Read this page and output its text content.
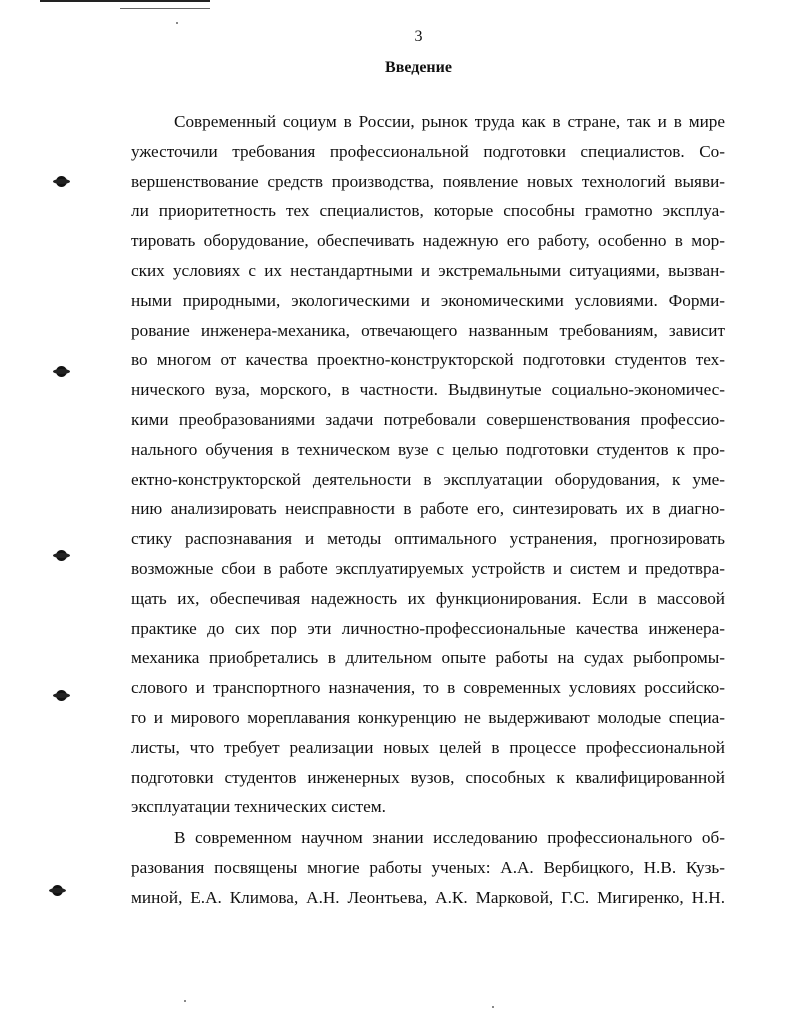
3
Введение
Современный социум в России, рынок труда как в стране, так и в мире
ужесточили требования профессиональной подготовки специалистов. Со-
вершенствование средств производства, появление новых технологий выяви-
ли приоритетность тех специалистов, которые способны грамотно эксплуа-
тировать оборудование, обеспечивать надежную его работу, особенно в мор-
ских условиях с их нестандартными и экстремальными ситуациями, вызван-
ными природными, экологическими и экономическими условиями. Форми-
рование инженера-механика, отвечающего названным требованиям, зависит
во многом от качества проектно-конструкторской подготовки студентов тех-
нического вуза, морского, в частности. Выдвинутые социально-экономичес-
кими преобразованиями задачи потребовали совершенствования профессио-
нального обучения в техническом вузе с целью подготовки студентов к про-
ектно-конструкторской деятельности в эксплуатации оборудования, к уме-
нию анализировать неисправности в работе его, синтезировать их в диагно-
стику распознавания и методы оптимального устранения, прогнозировать
возможные сбои в работе эксплуатируемых устройств и систем и предотвра-
щать их, обеспечивая надежность их функционирования. Если в массовой
практике до сих пор эти личностно-профессиональные качества инженера-
механика приобретались в длительном опыте работы на судах рыбопромы-
слового и транспортного назначения, то в современных условиях российско-
го и мирового мореплавания конкуренцию не выдерживают молодые специа-
листы, что требует реализации новых целей в процессе профессиональной
подготовки студентов инженерных вузов, способных к квалифицированной
эксплуатации технических систем.
В современном научном знании исследованию профессионального об-
разования посвящены многие работы ученых: А.А. Вербицкого, Н.В. Кузь-
миной, Е.А. Климова, А.Н. Леонтьева, А.К. Марковой, Г.С. Мигиренко, Н.Н.
